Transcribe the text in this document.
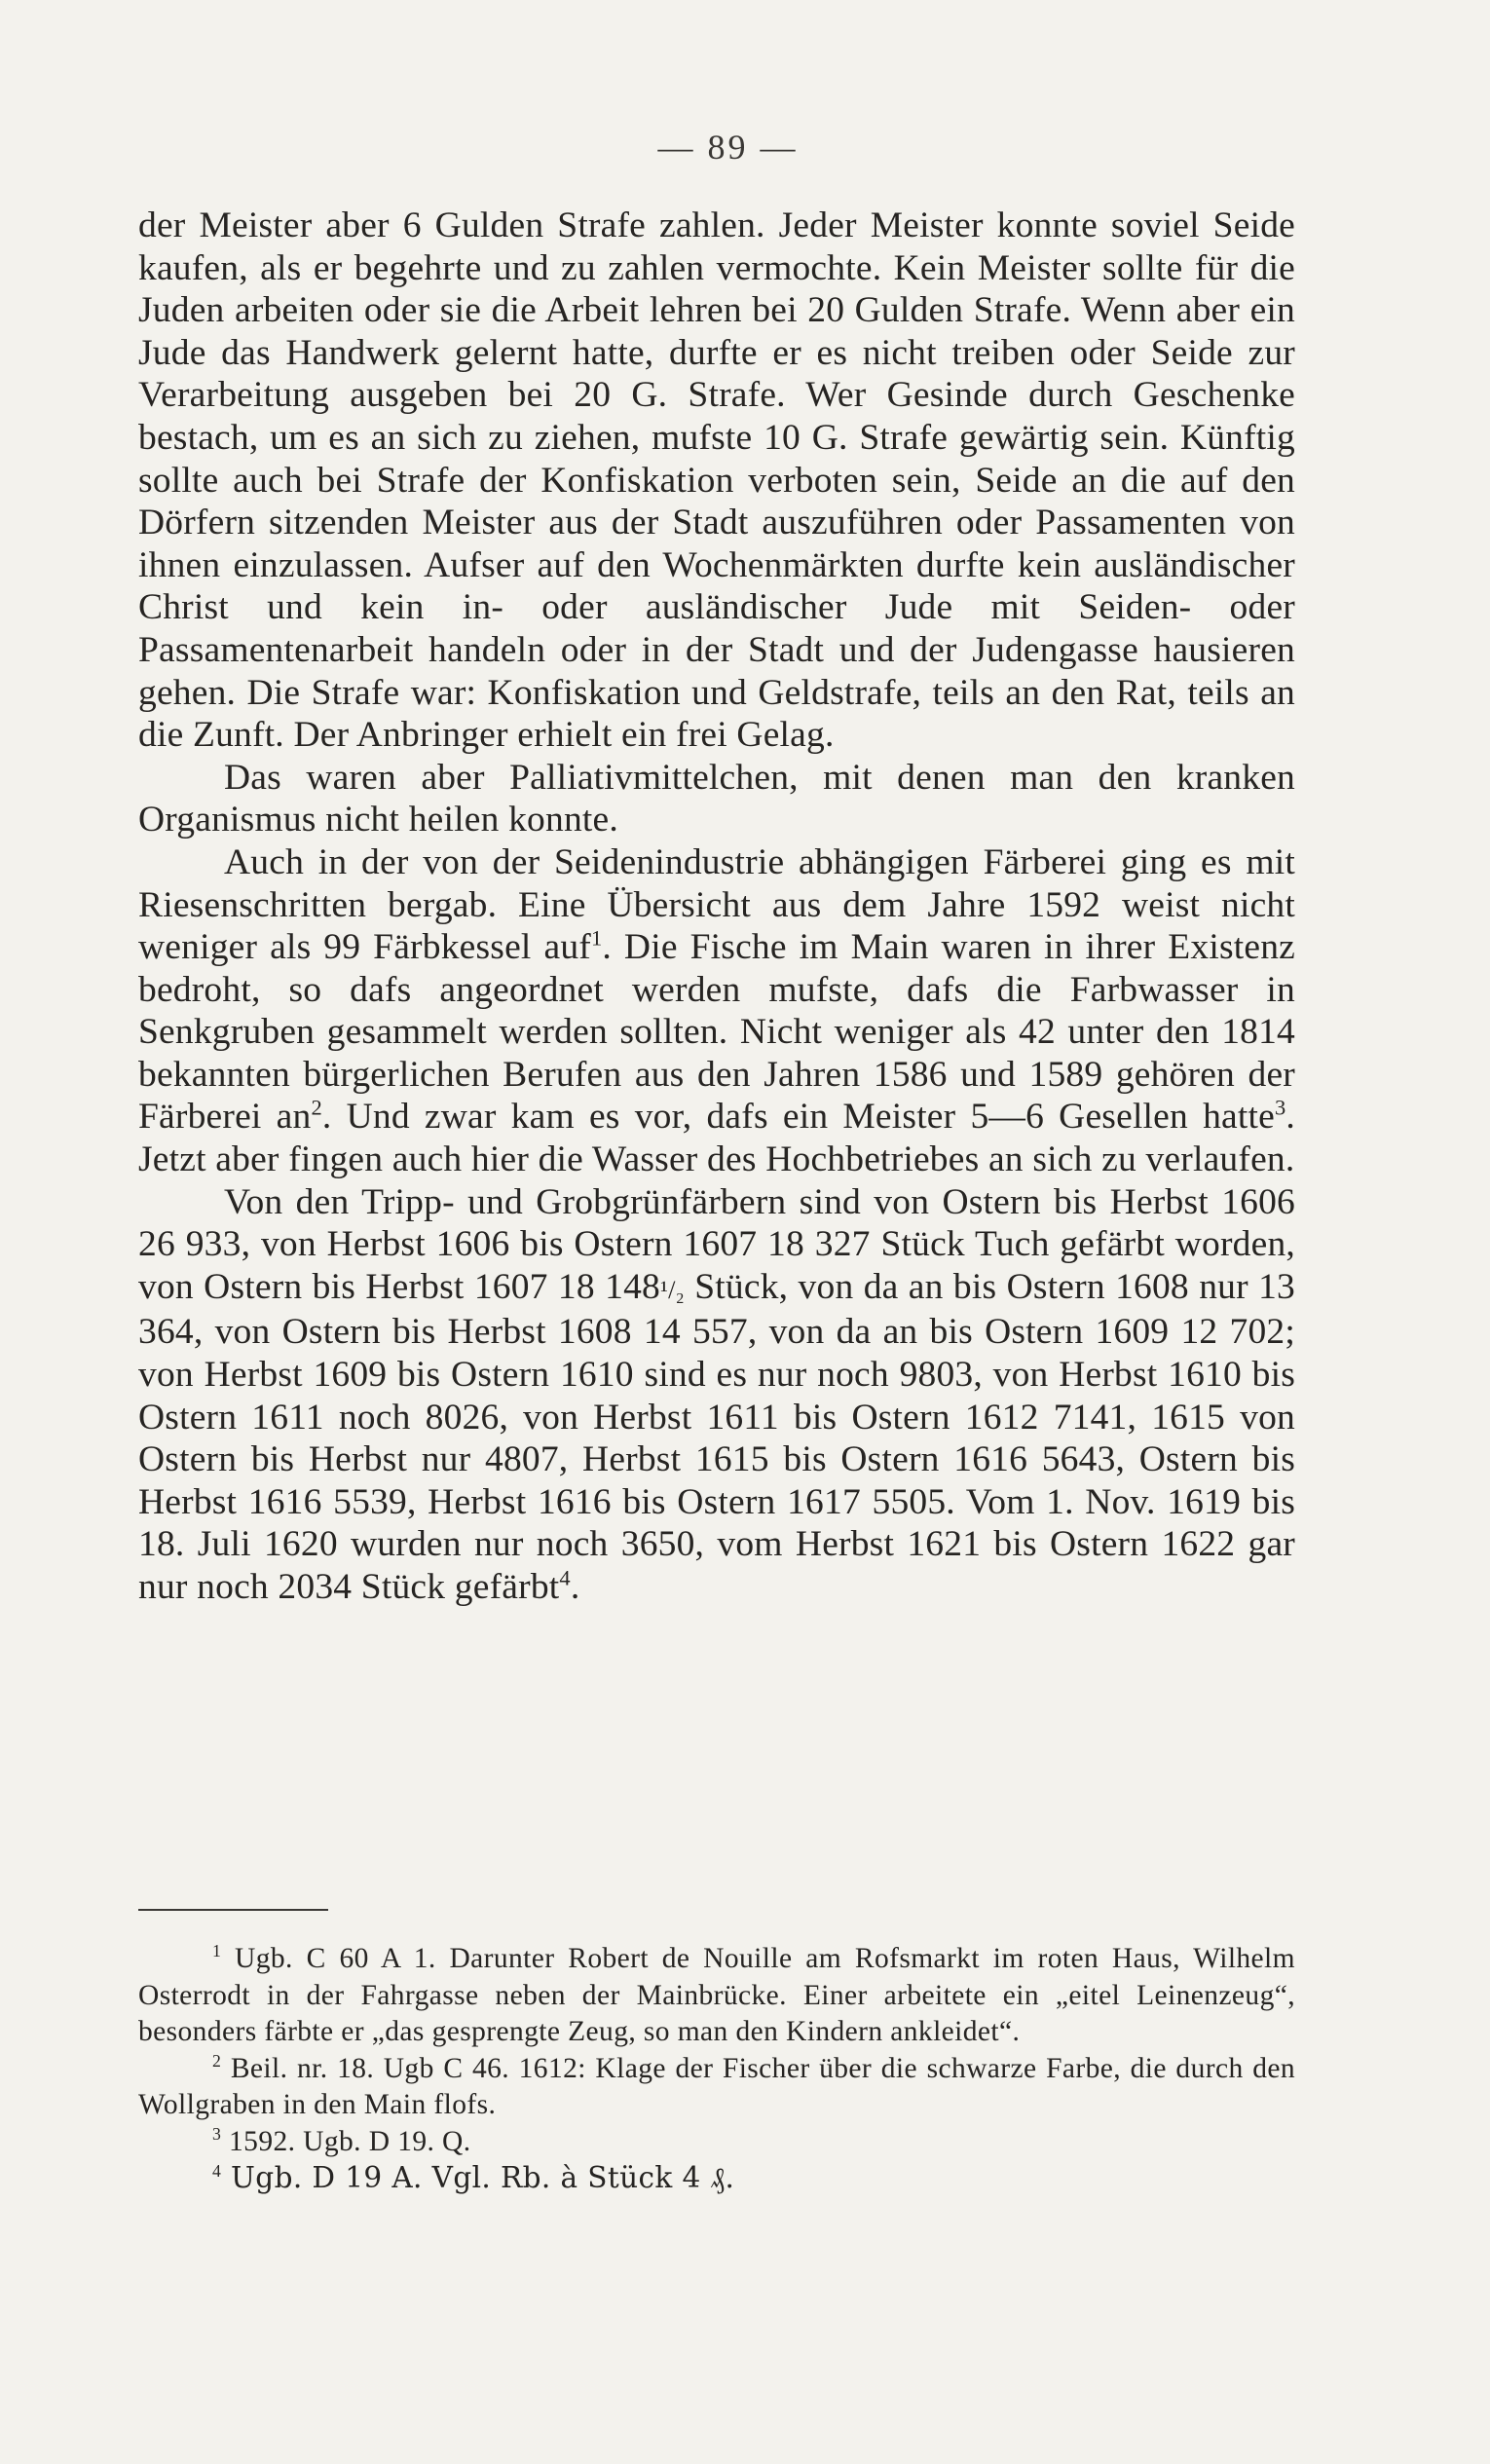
— 89 —

der Meister aber 6 Gulden Strafe zahlen. Jeder Meister konnte soviel Seide kaufen, als er begehrte und zu zahlen vermochte. Kein Meister sollte für die Juden arbeiten oder sie die Arbeit lehren bei 20 Gulden Strafe. Wenn aber ein Jude das Handwerk gelernt hatte, durfte er es nicht treiben oder Seide zur Verarbeitung ausgeben bei 20 G. Strafe. Wer Gesinde durch Geschenke bestach, um es an sich zu ziehen, mufste 10 G. Strafe gewärtig sein. Künftig sollte auch bei Strafe der Konfiskation verboten sein, Seide an die auf den Dörfern sitzenden Meister aus der Stadt auszuführen oder Passamenten von ihnen einzulassen. Aufser auf den Wochenmärkten durfte kein ausländischer Christ und kein in- oder ausländischer Jude mit Seiden- oder Passamentenarbeit handeln oder in der Stadt und der Judengasse hausieren gehen. Die Strafe war: Konfiskation und Geldstrafe, teils an den Rat, teils an die Zunft. Der Anbringer erhielt ein frei Gelag.

Das waren aber Palliativmittelchen, mit denen man den kranken Organismus nicht heilen konnte.

Auch in der von der Seidenindustrie abhängigen Färberei ging es mit Riesenschritten bergab. Eine Übersicht aus dem Jahre 1592 weist nicht weniger als 99 Färbkessel auf$^1$. Die Fische im Main waren in ihrer Existenz bedroht, so dafs angeordnet werden mufste, dafs die Farbwasser in Senkgruben gesammelt werden sollten. Nicht weniger als 42 unter den 1814 bekannten bürgerlichen Berufen aus den Jahren 1586 und 1589 gehören der Färberei $an^2$. Und zwar kam es vor, dafs ein Meister 5—6 Gesellen hatte$^3$. Jetzt aber fingen auch hier die Wasser des Hochbetriebes an sich zu verlaufen.

Von den Tripp- und Grobgrünfärbern sind von Ostern bis Herbst 1606 26 933, von Herbst 1606 bis Ostern 1607 18 327 Stück Tuch gefärbt worden, von Ostern bis Herbst 1607 18 148¹/₂ Stück, von da an bis Ostern 1608 nur 13 364, von Ostern bis Herbst 1608 14 557, von da an bis Ostern 1609 12 702; von Herbst 1609 bis Ostern 1610 sind es nur noch 9803, von Herbst 1610 bis Ostern 1611 noch 8026, von Herbst 1611 bis Ostern 1612 7141, 1615 von Ostern bis Herbst nur 4807, Herbst 1615 bis Ostern 1616 5643, Ostern bis Herbst 1616 5539, Herbst 1616 bis Ostern 1617 5505. Vom 1. Nov. 1619 bis 18. Juli 1620 wurden nur noch 3650, vom Herbst 1621 bis Ostern 1622 gar nur noch 2034 Stück gefärbt$^4$.

$^1$ Ugb. C 60 A 1. Darunter Robert de Nouille am Rofsmarkt im roten Haus, Wilhelm Osterrodt in der Fahrgasse neben der Mainbrücke. Einer arbeitete ein „eitel Leinenzeug“, besonders färbte er „das gesprengte Zeug, so man den Kindern ankleidet“.

$^2$ Beil. nr. 18. Ugb C 46. 1612: Klage der Fischer über die schwarze Farbe, die durch den Wollgraben in den Main flofs.

$^3$ 1592. Ugb. D 19. Q.

$^4$ Ugb. D 19 A. Vgl. Rb. à Stück 4 ₰.
